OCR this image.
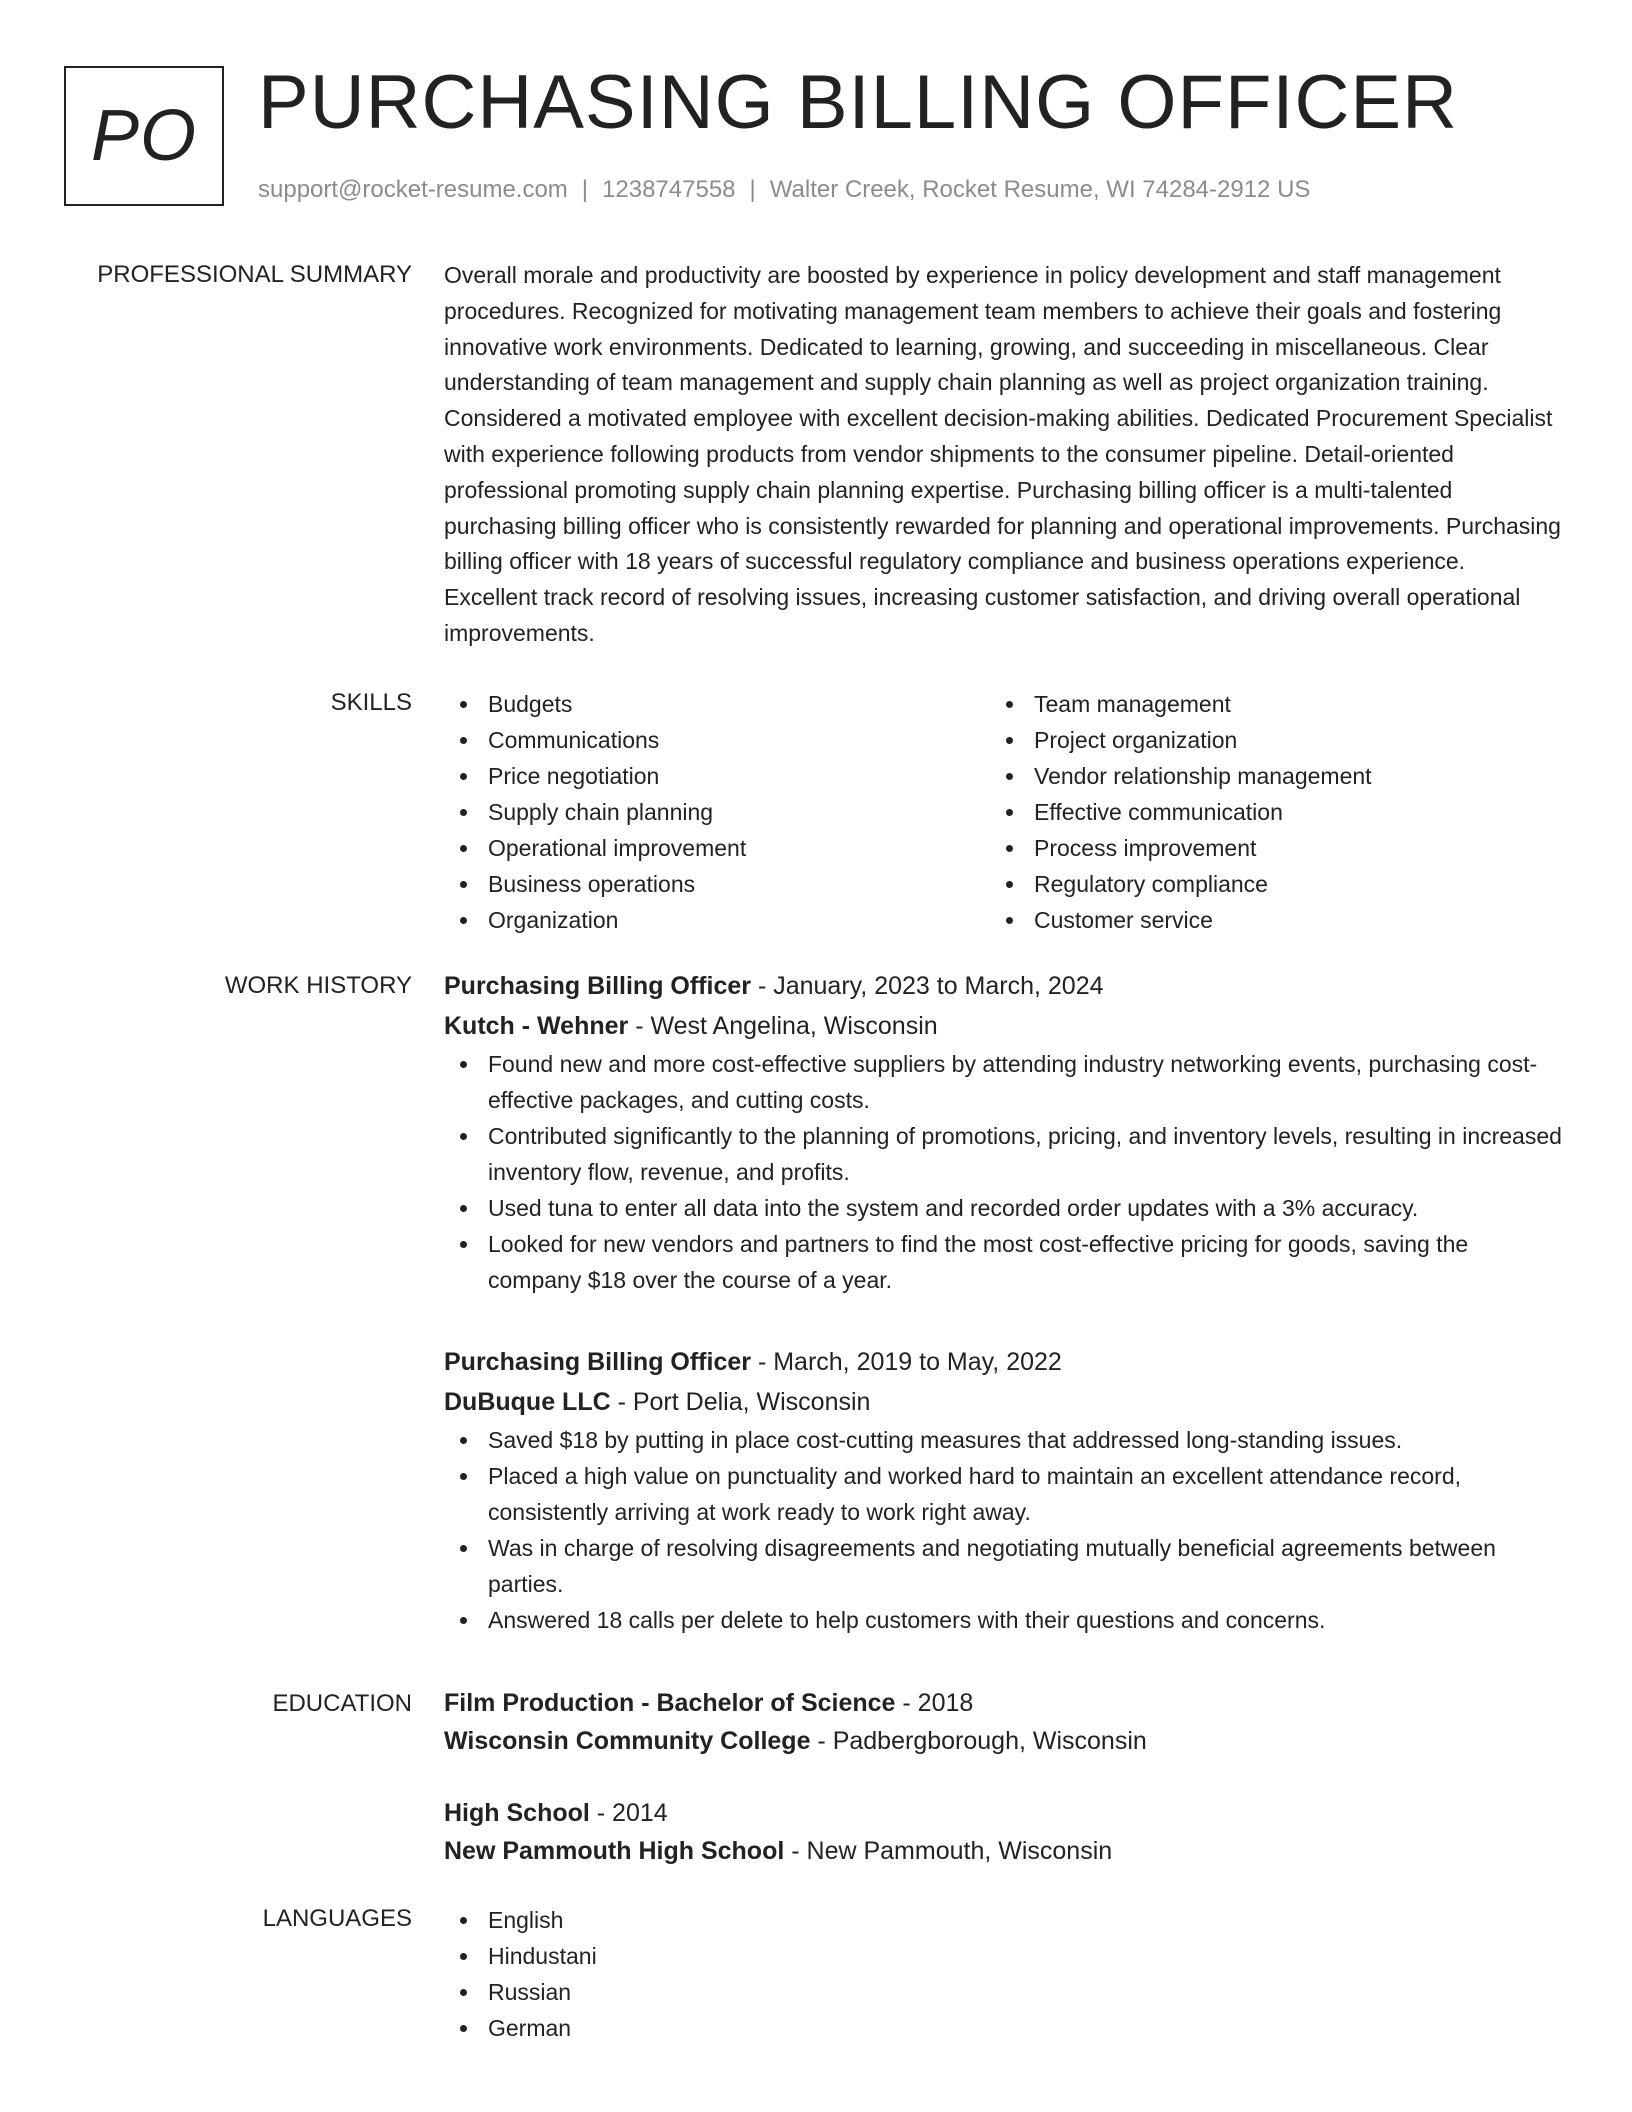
PO PURCHASING BILLING OFFICER
support@rocket-resume.com | 1238747558 | Walter Creek, Rocket Resume, WI 74284-2912 US
PROFESSIONAL SUMMARY Overall morale and productivity are boosted by experience in policy development and staff management procedures. Recognized for motivating management team members to achieve their goals and fostering innovative work environments. Dedicated to learning, growing, and succeeding in miscellaneous. Clear understanding of team management and supply chain planning as well as project organization training. Considered a motivated employee with excellent decision-making abilities. Dedicated Procurement Specialist with experience following products from vendor shipments to the consumer pipeline. Detail-oriented professional promoting supply chain planning expertise. Purchasing billing officer is a multi-talented purchasing billing officer who is consistently rewarded for planning and operational improvements. Purchasing billing officer with 18 years of successful regulatory compliance and business operations experience. Excellent track record of resolving issues, increasing customer satisfaction, and driving overall operational improvements.

SKILLS	Budgets
Communications
Price negotiation
Supply chain planning
Operational improvement
Business operations
Organization
Team management
Project organization
Vendor relationship management
Effective communication
Process improvement
Regulatory compliance
Customer service
WORK HISTORY Purchasing Billing Officer - January, 2023 to March, 2024
Kutch - Wehner - West Angelina, Wisconsin
Found new and more cost-effective suppliers by attending industry networking events, purchasing cost-effective packages, and cutting costs.
Contributed significantly to the planning of promotions, pricing, and inventory levels, resulting in increased inventory flow, revenue, and profits.
Used tuna to enter all data into the system and recorded order updates with a 3% accuracy.
Looked for new vendors and partners to find the most cost-effective pricing for goods, saving the company $18 over the course of a year.
Purchasing Billing Officer - March, 2019 to May, 2022
DuBuque LLC - Port Delia, Wisconsin
Saved $18 by putting in place cost-cutting measures that addressed long-standing issues.
Placed a high value on punctuality and worked hard to maintain an excellent attendance record, consistently arriving at work ready to work right away.
Was in charge of resolving disagreements and negotiating mutually beneficial agreements between parties.
Answered 18 calls per delete to help customers with their questions and concerns.
EDUCATION Film Production - Bachelor of Science - 2018
Wisconsin Community College - Padbergborough, Wisconsin
High School - 2014
New Pammouth High School - New Pammouth, Wisconsin
LANGUAGES	English
Hindustani
Russian
German
